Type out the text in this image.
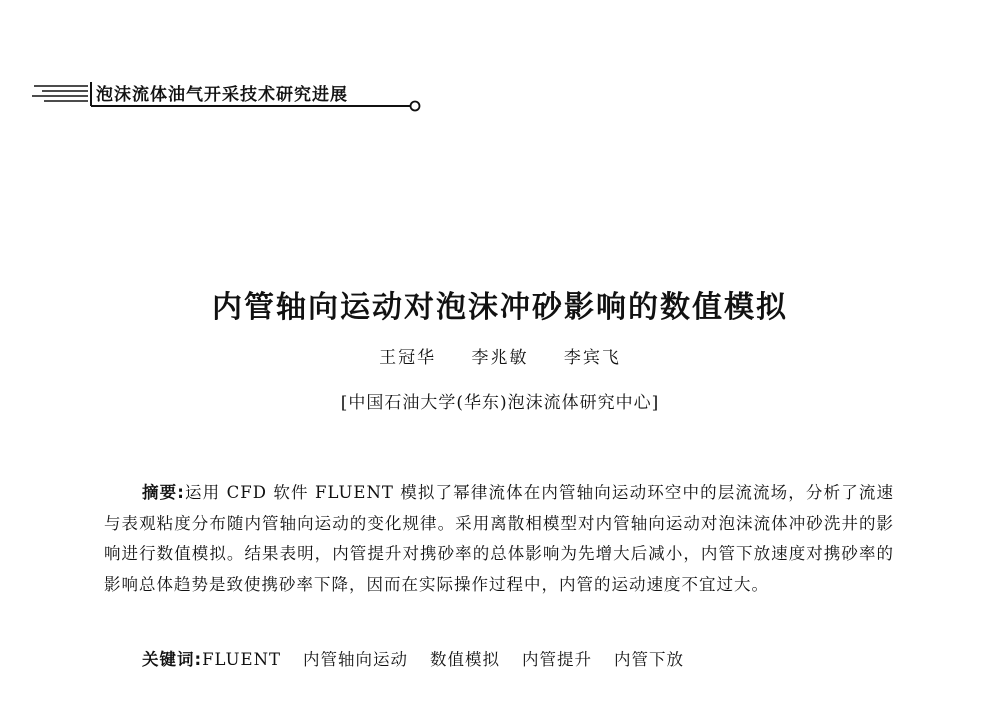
泡沫流体油气开采技术研究进展
内管轴向运动对泡沫冲砂影响的数值模拟
王冠华 李兆敏 李宾飞
[中国石油大学(华东)泡沫流体研究中心]
摘要:运用 CFD 软件 FLUENT 模拟了幂律流体在内管轴向运动环空中的层流流场，分析了流速与表观粘度分布随内管轴向运动的变化规律。采用离散相模型对内管轴向运动对泡沫流体冲砂洗井的影响进行数值模拟。结果表明，内管提升对携砂率的总体影响为先增大后减小，内管下放速度对携砂率的影响总体趋势是致使携砂率下降，因而在实际操作过程中，内管的运动速度不宜过大。
关键词:FLUENT 内管轴向运动 数值模拟 内管提升 内管下放
